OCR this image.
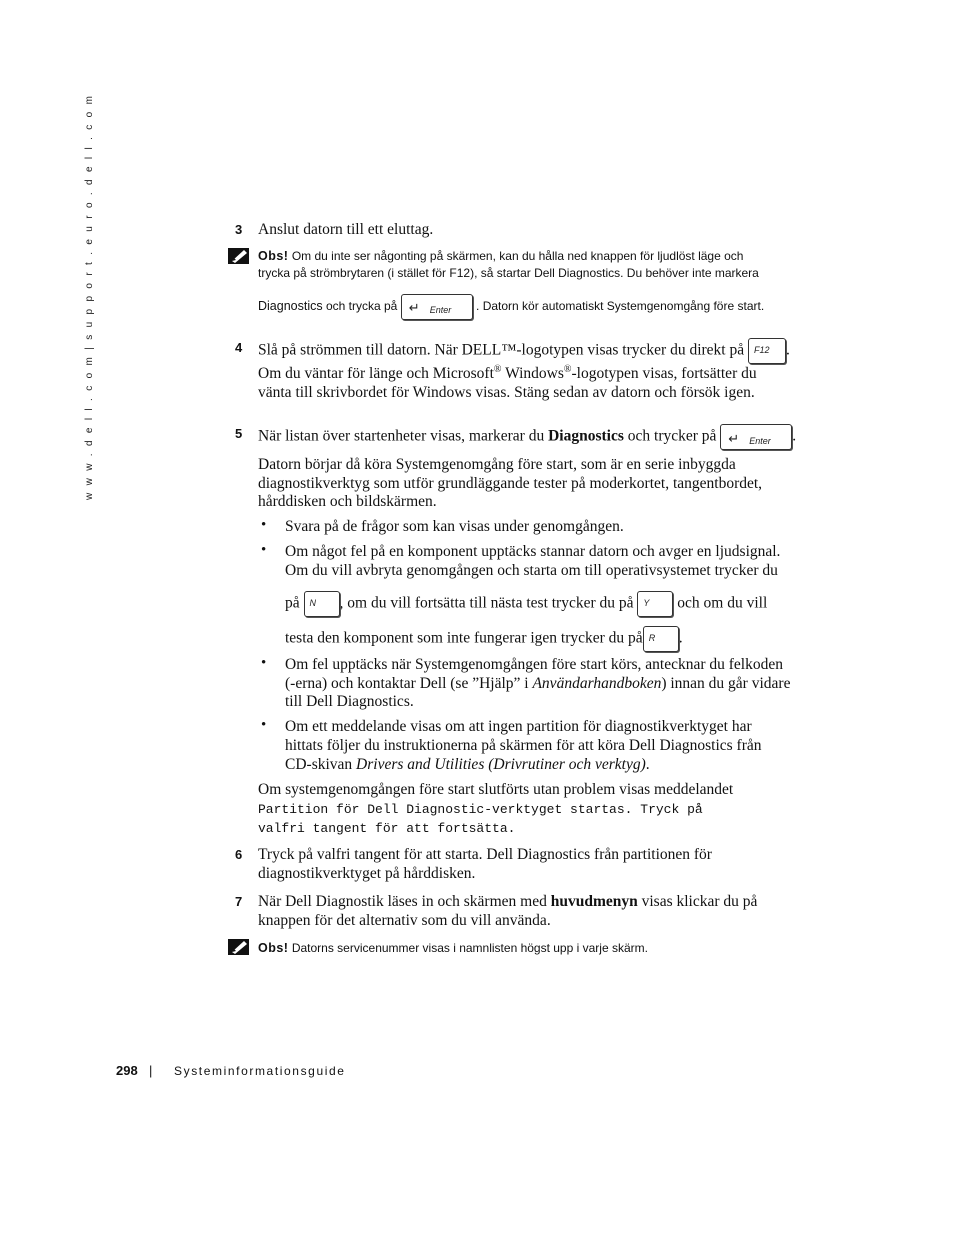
w w w . d e l l . c o m | s u p p o r t . e u r o . d e l l . c o m	3 Anslut datorn till ett eluttag.
Obs! Om du inte ser någonting på skärmen, kan du hålla ned knappen för ljudlöst läge och
trycka på strömbrytaren (i stället för F12), så startar Dell Diagnostics. Du behöver inte markera
Diagnostics och trycka på ↵ Enter . Datorn kör automatiskt Systemgenomgång före start.
4 Slå på strömmen till datorn. När DELL™-logotypen visas trycker du direkt på F12 .
Om du väntar för länge och Microsoft® Windows®-logotypen visas, fortsätter du
vänta till skrivbordet för Windows visas. Stäng sedan av datorn och försök igen.
5 När listan över startenheter visas, markerar du Diagnostics och trycker på ↵ Enter .
Datorn börjar då köra Systemgenomgång före start, som är en serie inbyggda
diagnostikverktyg som utför grundläggande tester på moderkortet, tangentbordet,
hårddisken och bildskärmen.
• Svara på de frågor som kan visas under genomgången.
• Om något fel på en komponent upptäcks stannar datorn och avger en ljudsignal.
Om du vill avbryta genomgången och starta om till operativsystemet trycker du
på N , om du vill fortsätta till nästa test trycker du på Y och om du vill
testa den komponent som inte fungerar igen trycker du på R .
• Om fel upptäcks när Systemgenomgången före start körs, antecknar du felkoden
(-erna) och kontaktar Dell (se ”Hjälp” i Användarhandboken) innan du går vidare
till Dell Diagnostics.
• Om ett meddelande visas om att ingen partition för diagnostikverktyget har
hittats följer du instruktionerna på skärmen för att köra Dell Diagnostics från
CD-skivan Drivers and Utilities (Drivrutiner och verktyg).
Om systemgenomgången före start slutförts utan problem visas meddelandet
Partition för Dell Diagnostic-verktyget startas. Tryck på
valfri tangent för att fortsätta.
6 Tryck på valfri tangent för att starta. Dell Diagnostics från partitionen för
diagnostikverktyget på hårddisken.
7 När Dell Diagnostik läses in och skärmen med huvudmenyn visas klickar du på
knappen för det alternativ som du vill använda.
Obs! Datorns servicenummer visas i namnlisten högst upp i varje skärm.
298 | Systeminformationsguide
